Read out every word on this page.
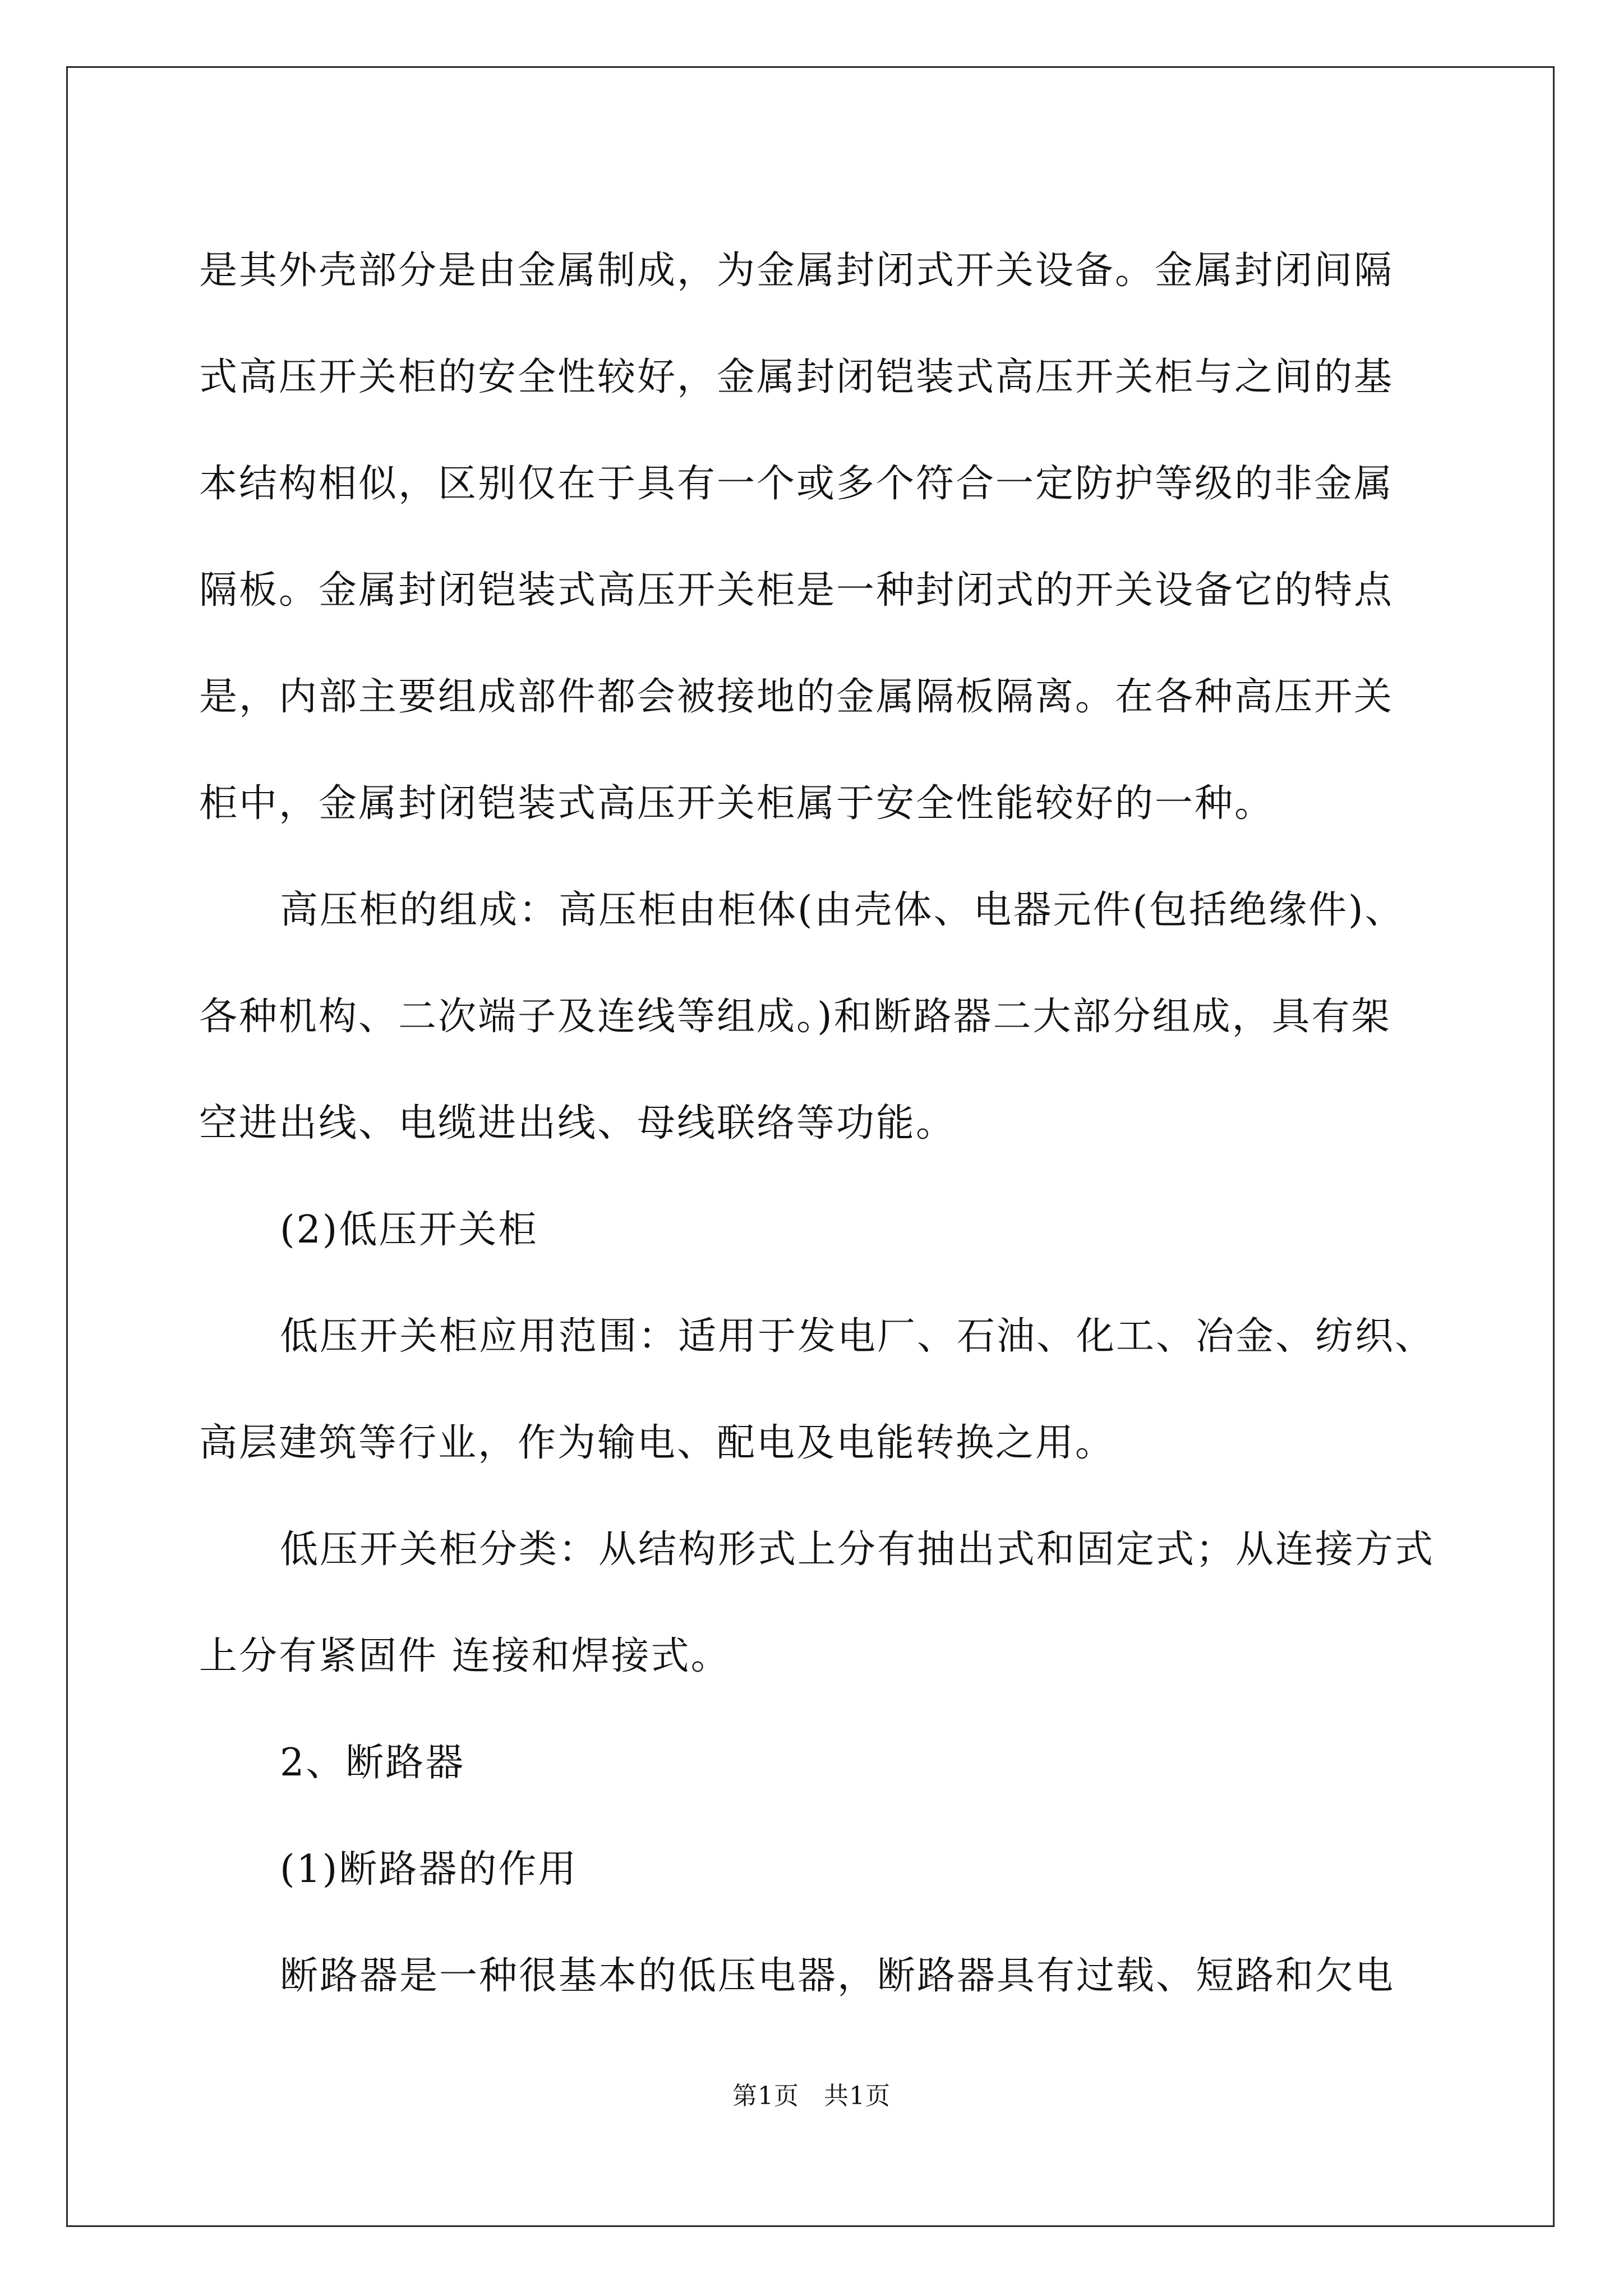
是其外壳部分是由金属制成，为金属封闭式开关设备。金属封闭间隔
式高压开关柜的安全性较好，金属封闭铠装式高压开关柜与之间的基
本结构相似，区别仅在于具有一个或多个符合一定防护等级的非金属
隔板。金属封闭铠装式高压开关柜是一种封闭式的开关设备它的特点
是，内部主要组成部件都会被接地的金属隔板隔离。在各种高压开关
柜中，金属封闭铠装式高压开关柜属于安全性能较好的一种。
高压柜的组成：高压柜由柜体(由壳体、电器元件(包括绝缘件)、
各种机构、二次端子及连线等组成。)和断路器二大部分组成，具有架
空进出线、电缆进出线、母线联络等功能。
(2)低压开关柜
低压开关柜应用范围：适用于发电厂、石油、化工、冶金、纺织、
高层建筑等行业，作为输电、配电及电能转换之用。
低压开关柜分类：从结构形式上分有抽出式和固定式；从连接方式
上分有紧固件 连接和焊接式。
2、断路器
(1)断路器的作用
断路器是一种很基本的低压电器，断路器具有过载、短路和欠电
第1页 共1页
